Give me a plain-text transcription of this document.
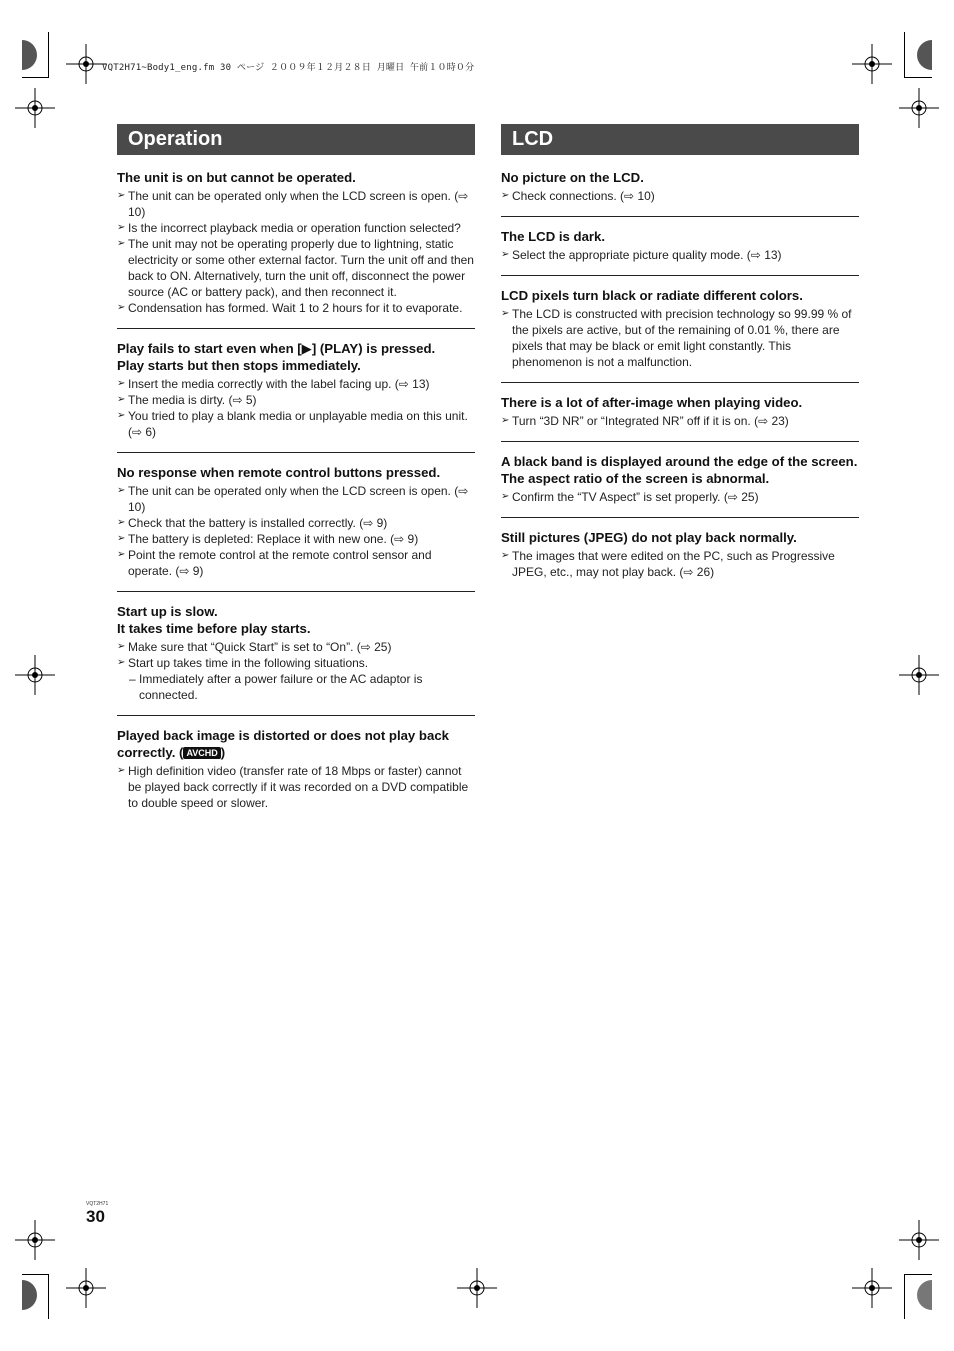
VQT2H71~Body1_eng.fm 30 ページ ２００９年１２月２８日 月曜日 午前１０時０分
Operation
The unit is on but cannot be operated.
➢ The unit can be operated only when the LCD screen is open. (⇨ 10)
➢ Is the incorrect playback media or operation function selected?
➢ The unit may not be operating properly due to lightning, static electricity or some other external factor. Turn the unit off and then back to ON. Alternatively, turn the unit off, disconnect the power source (AC or battery pack), and then reconnect it.
➢ Condensation has formed. Wait 1 to 2 hours for it to evaporate.
Play fails to start even when [▶] (PLAY) is pressed.
Play starts but then stops immediately.
➢ Insert the media correctly with the label facing up. (⇨ 13)
➢ The media is dirty. (⇨ 5)
➢ You tried to play a blank media or unplayable media on this unit. (⇨ 6)
No response when remote control buttons pressed.
➢ The unit can be operated only when the LCD screen is open. (⇨ 10)
➢ Check that the battery is installed correctly. (⇨ 9)
➢ The battery is depleted: Replace it with new one. (⇨ 9)
➢ Point the remote control at the remote control sensor and operate. (⇨ 9)
Start up is slow.
It takes time before play starts.
➢ Make sure that “Quick Start” is set to “On”. (⇨ 25)
➢ Start up takes time in the following situations.
– Immediately after a power failure or the AC adaptor is connected.
Played back image is distorted or does not play back correctly. ( AVCHD )
➢ High definition video (transfer rate of 18 Mbps or faster) cannot be played back correctly if it was recorded on a DVD compatible to double speed or slower.
LCD
No picture on the LCD.
➢ Check connections. (⇨ 10)
The LCD is dark.
➢ Select the appropriate picture quality mode. (⇨ 13)
LCD pixels turn black or radiate different colors.
➢ The LCD is constructed with precision technology so 99.99 % of the pixels are active, but of the remaining of 0.01 %, there are pixels that may be black or emit light constantly. This phenomenon is not a malfunction.
There is a lot of after-image when playing video.
➢ Turn “3D NR” or “Integrated NR” off if it is on. (⇨ 23)
A black band is displayed around the edge of the screen.
The aspect ratio of the screen is abnormal.
➢ Confirm the “TV Aspect” is set properly. (⇨ 25)
Still pictures (JPEG) do not play back normally.
➢ The images that were edited on the PC, such as Progressive JPEG, etc., may not play back. (⇨ 26)
VQT2H71
30
